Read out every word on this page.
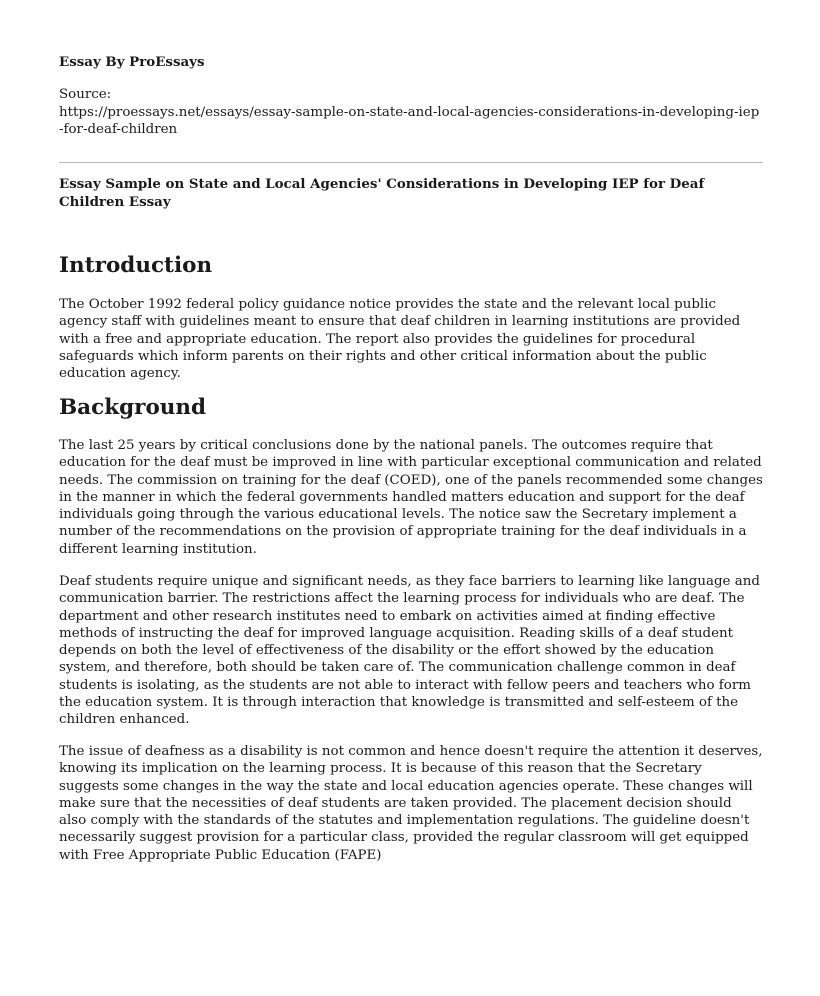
Essay By ProEssays
Source:
https://proessays.net/essays/essay-sample-on-state-and-local-agencies-considerations-in-developing-iep-for-deaf-children
Essay Sample on State and Local Agencies' Considerations in Developing IEP for Deaf Children Essay
Introduction

The October 1992 federal policy guidance notice provides the state and the relevant local public agency staff with guidelines meant to ensure that deaf children in learning institutions are provided with a free and appropriate education. The report also provides the guidelines for procedural safeguards which inform parents on their rights and other critical information about the public education agency.

Background

The last 25 years by critical conclusions done by the national panels. The outcomes require that education for the deaf must be improved in line with particular exceptional communication and related needs. The commission on training for the deaf (COED), one of the panels recommended some changes in the manner in which the federal governments handled matters education and support for the deaf individuals going through the various educational levels. The notice saw the Secretary implement a number of the recommendations on the provision of appropriate training for the deaf individuals in a different learning institution.

Deaf students require unique and significant needs, as they face barriers to learning like language and communication barrier. The restrictions affect the learning process for individuals who are deaf. The department and other research institutes need to embark on activities aimed at finding effective methods of instructing the deaf for improved language acquisition. Reading skills of a deaf student depends on both the level of effectiveness of the disability or the effort showed by the education system, and therefore, both should be taken care of. The communication challenge common in deaf students is isolating, as the students are not able to interact with fellow peers and teachers who form the education system. It is through interaction that knowledge is transmitted and self-esteem of the children enhanced.

The issue of deafness as a disability is not common and hence doesn't require the attention it deserves, knowing its implication on the learning process. It is because of this reason that the Secretary suggests some changes in the way the state and local education agencies operate. These changes will make sure that the necessities of deaf students are taken provided. The placement decision should also comply with the standards of the statutes and implementation regulations. The guideline doesn't necessarily suggest provision for a particular class, provided the regular classroom will get equipped with Free Appropriate Public Education (FAPE)
